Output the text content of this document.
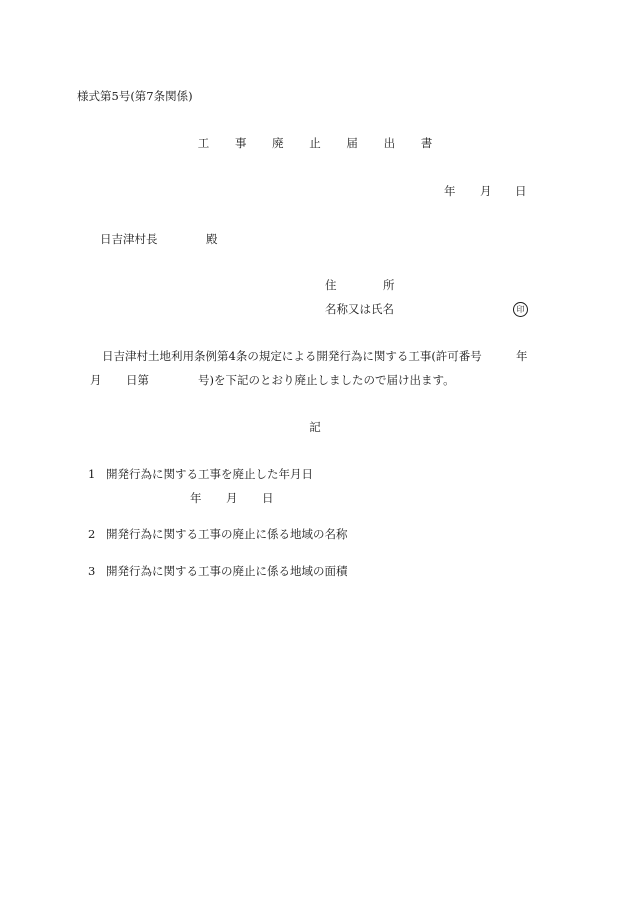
様式第5号(第7条関係)
工 事 廃 止 届 出 書
年 月 日
日吉津村長	殿
住	所
名称又は氏名	印
日吉津村土地利用条例第4条の規定による開発行為に関する工事(許可番号	年
月 日第	号)を下記のとおり廃止しましたので届け出ます。
記
1 開発行為に関する工事を廃止した年月日
年 月 日
2 開発行為に関する工事の廃止に係る地域の名称
3 開発行為に関する工事の廃止に係る地域の面積
